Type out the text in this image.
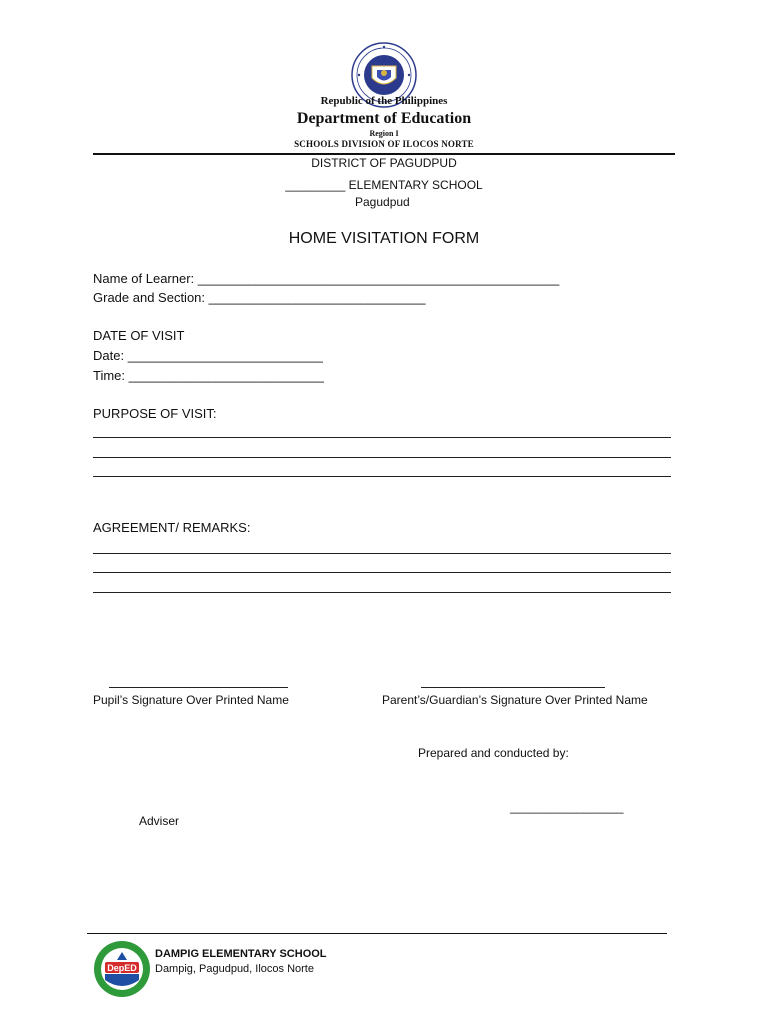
Republic of the Philippines
Department of Education
Region I
SCHOOLS DIVISION OF ILOCOS NORTE
DISTRICT OF PAGUDPUD
_________ ELEMENTARY SCHOOL
Pagudpud
HOME VISITATION FORM
Name of Learner: __________________________________________________
Grade and Section: ______________________________
DATE OF VISIT
Date: ___________________________
Time: ___________________________
PURPOSE OF VISIT:
AGREEMENT/ REMARKS:
Pupil’s Signature Over Printed Name	Parent’s/Guardian’s Signature Over Printed Name
Prepared and conducted by:
_________________
Adviser
DepED
DAMPIG ELEMENTARY SCHOOL
Dampig, Pagudpud, Ilocos Norte
